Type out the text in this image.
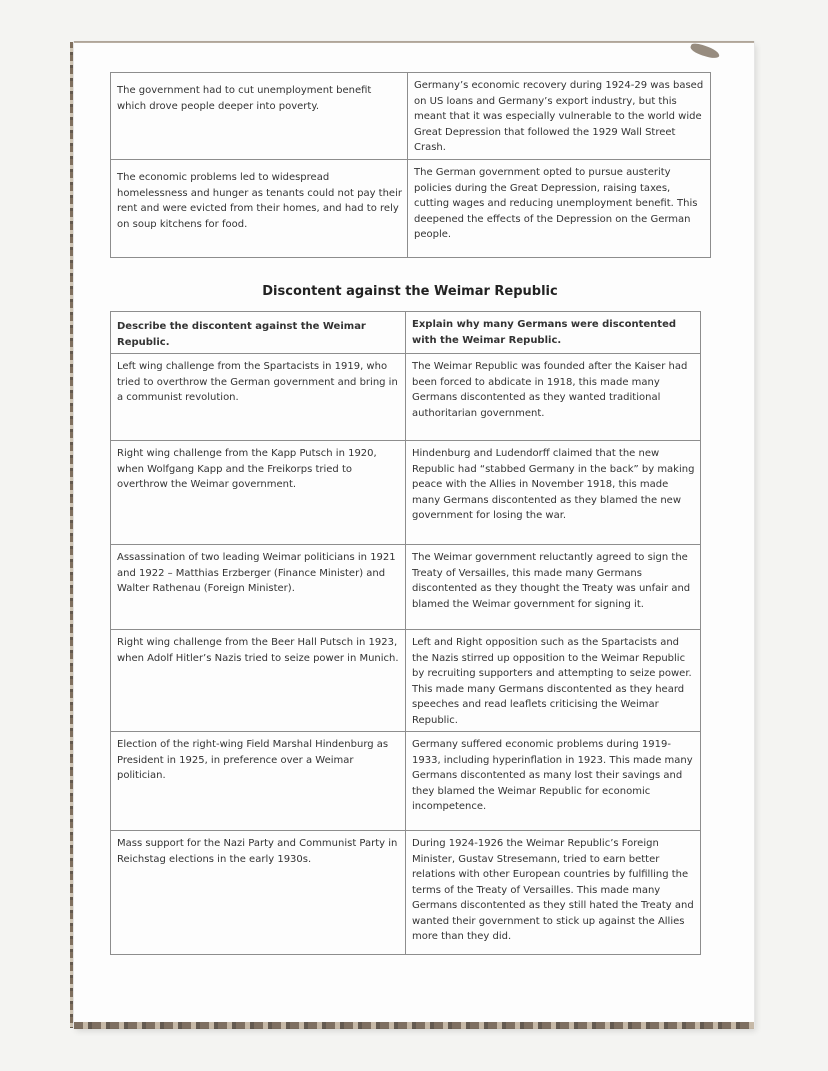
The government had to cut unemployment benefit which drove people deeper into poverty.	Germany’s economic recovery during 1924-29 was based on US loans and Germany’s export industry, but this meant that it was especially vulnerable to the world wide Great Depression that followed the 1929 Wall Street Crash.
The economic problems led to widespread homelessness and hunger as tenants could not pay their rent and were evicted from their homes, and had to rely on soup kitchens for food.	The German government opted to pursue austerity policies during the Great Depression, raising taxes, cutting wages and reducing unemployment benefit. This deepened the effects of the Depression on the German people.
Discontent against the Weimar Republic
Describe the discontent against the Weimar Republic.	Explain why many Germans were discontented with the Weimar Republic.
Left wing challenge from the Spartacists in 1919, who tried to overthrow the German government and bring in a communist revolution.	The Weimar Republic was founded after the Kaiser had been forced to abdicate in 1918, this made many Germans discontented as they wanted traditional authoritarian government.
Right wing challenge from the Kapp Putsch in 1920, when Wolfgang Kapp and the Freikorps tried to overthrow the Weimar government.	Hindenburg and Ludendorff claimed that the new Republic had “stabbed Germany in the back” by making peace with the Allies in November 1918, this made many Germans discontented as they blamed the new government for losing the war.
Assassination of two leading Weimar politicians in 1921 and 1922 – Matthias Erzberger (Finance Minister) and Walter Rathenau (Foreign Minister).	The Weimar government reluctantly agreed to sign the Treaty of Versailles, this made many Germans discontented as they thought the Treaty was unfair and blamed the Weimar government for signing it.
Right wing challenge from the Beer Hall Putsch in 1923, when Adolf Hitler’s Nazis tried to seize power in Munich.	Left and Right opposition such as the Spartacists and the Nazis stirred up opposition to the Weimar Republic by recruiting supporters and attempting to seize power. This made many Germans discontented as they heard speeches and read leaflets criticising the Weimar Republic.
Election of the right-wing Field Marshal Hindenburg as President in 1925, in preference over a Weimar politician.	Germany suffered economic problems during 1919-1933, including hyperinflation in 1923. This made many Germans discontented as many lost their savings and they blamed the Weimar Republic for economic incompetence.
Mass support for the Nazi Party and Communist Party in Reichstag elections in the early 1930s.	During 1924-1926 the Weimar Republic’s Foreign Minister, Gustav Stresemann, tried to earn better relations with other European countries by fulfilling the terms of the Treaty of Versailles. This made many Germans discontented as they still hated the Treaty and wanted their government to stick up against the Allies more than they did.
